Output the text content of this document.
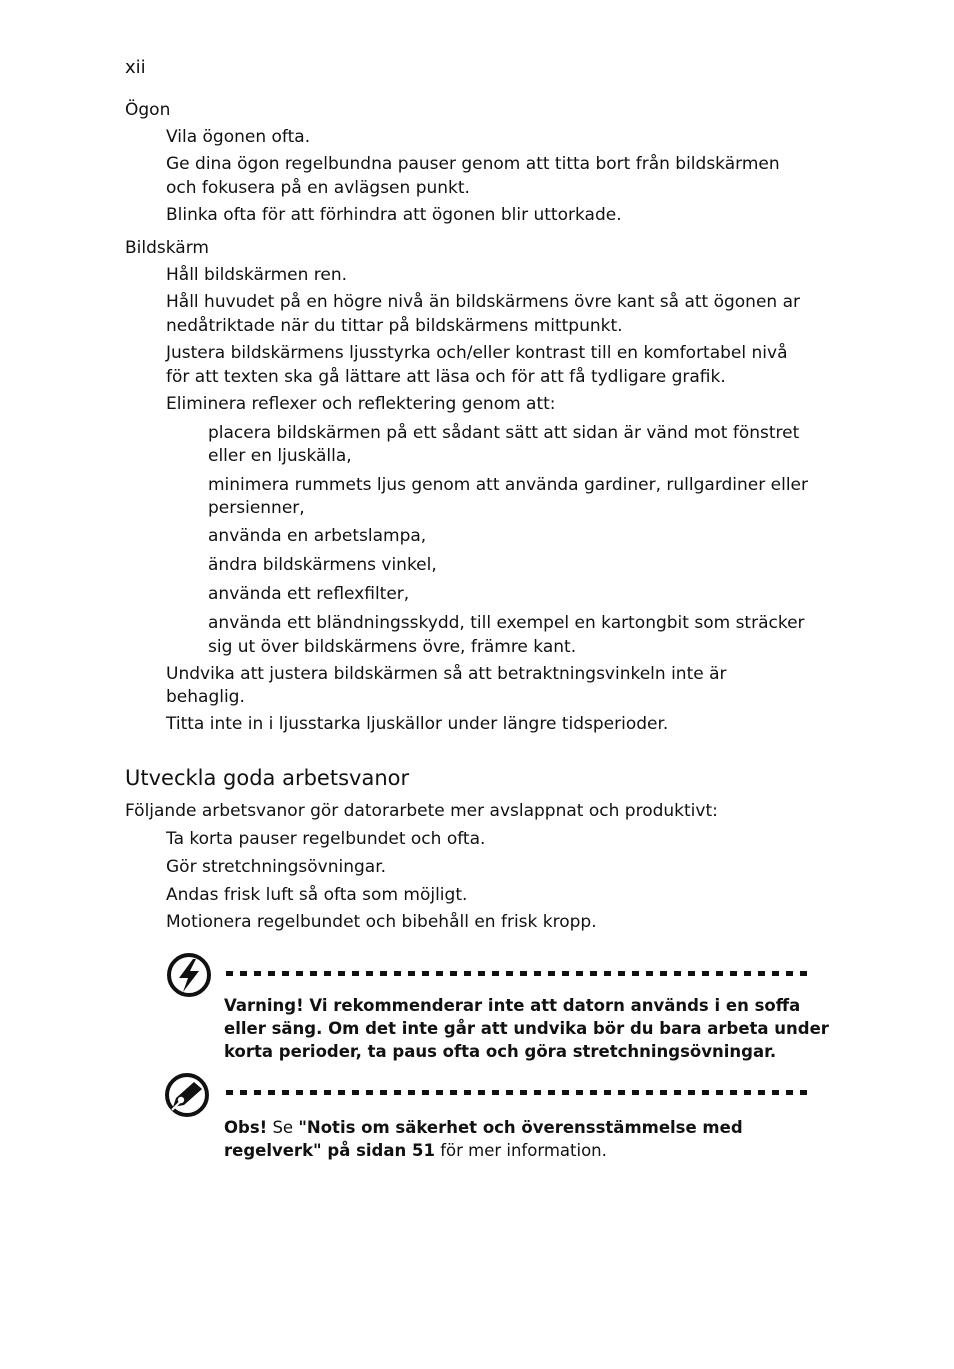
xii
Ögon
Vila ögonen ofta.
Ge dina ögon regelbundna pauser genom att titta bort från bildskärmen
och fokusera på en avlägsen punkt.
Blinka ofta för att förhindra att ögonen blir uttorkade.
Bildskärm
Håll bildskärmen ren.
Håll huvudet på en högre nivå än bildskärmens övre kant så att ögonen ar
nedåtriktade när du tittar på bildskärmens mittpunkt.
Justera bildskärmens ljusstyrka och/eller kontrast till en komfortabel nivå
för att texten ska gå lättare att läsa och för att få tydligare grafik.
Eliminera reflexer och reflektering genom att:
placera bildskärmen på ett sådant sätt att sidan är vänd mot fönstret
eller en ljuskälla,
minimera rummets ljus genom att använda gardiner, rullgardiner eller
persienner,
använda en arbetslampa,
ändra bildskärmens vinkel,
använda ett reflexfilter,
använda ett bländningsskydd, till exempel en kartongbit som sträcker
sig ut över bildskärmens övre, främre kant.
Undvika att justera bildskärmen så att betraktningsvinkeln inte är
behaglig.
Titta inte in i ljusstarka ljuskällor under längre tidsperioder.
Utveckla goda arbetsvanor
Följande arbetsvanor gör datorarbete mer avslappnat och produktivt:
Ta korta pauser regelbundet och ofta.
Gör stretchningsövningar.
Andas frisk luft så ofta som möjligt.
Motionera regelbundet och bibehåll en frisk kropp.
Varning! Vi rekommenderar inte att datorn används i en soffa
eller säng. Om det inte går att undvika bör du bara arbeta under
korta perioder, ta paus ofta och göra stretchningsövningar.
Obs! Se "Notis om säkerhet och överensstämmelse med
regelverk" på sidan 51 för mer information.
